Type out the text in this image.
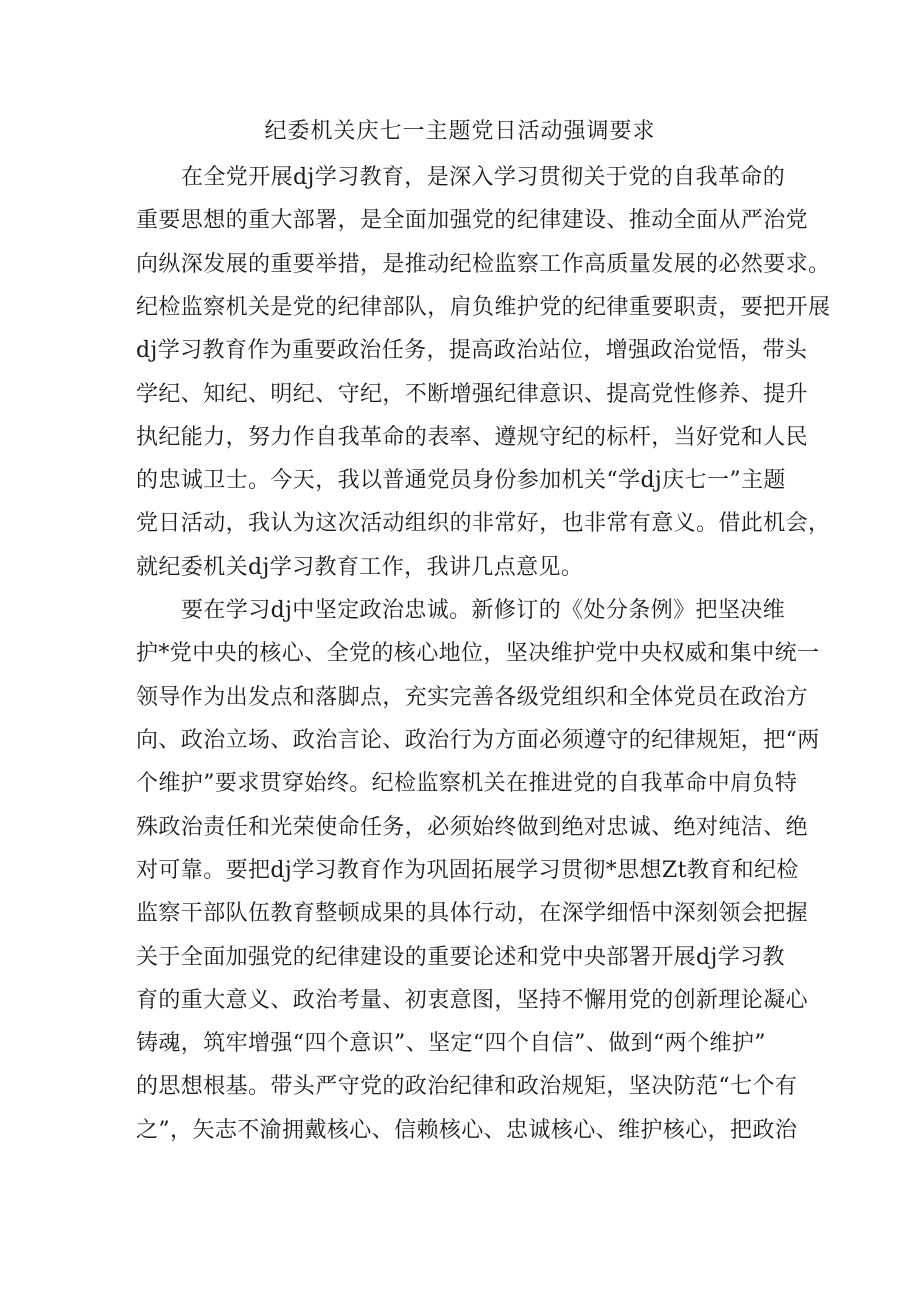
纪委机关庆七一主题党日活动强调要求
在全党开展dj学习教育，是深入学习贯彻关于党的自我革命的
重要思想的重大部署，是全面加强党的纪律建设、推动全面从严治党
向纵深发展的重要举措，是推动纪检监察工作高质量发展的必然要求。
纪检监察机关是党的纪律部队，肩负维护党的纪律重要职责，要把开展
dj学习教育作为重要政治任务，提高政治站位，增强政治觉悟，带头
学纪、知纪、明纪、守纪，不断增强纪律意识、提高党性修养、提升
执纪能力，努力作自我革命的表率、遵规守纪的标杆，当好党和人民
的忠诚卫士。今天，我以普通党员身份参加机关“学dj庆七一”主题
党日活动，我认为这次活动组织的非常好，也非常有意义。借此机会，
就纪委机关dj学习教育工作，我讲几点意见。
要在学习dj中坚定政治忠诚。新修订的《处分条例》把坚决维
护*党中央的核心、全党的核心地位，坚决维护党中央权威和集中统一
领导作为出发点和落脚点，充实完善各级党组织和全体党员在政治方
向、政治立场、政治言论、政治行为方面必须遵守的纪律规矩，把“两
个维护”要求贯穿始终。纪检监察机关在推进党的自我革命中肩负特
殊政治责任和光荣使命任务，必须始终做到绝对忠诚、绝对纯洁、绝
对可靠。要把dj学习教育作为巩固拓展学习贯彻*思想Zt教育和纪检
监察干部队伍教育整顿成果的具体行动，在深学细悟中深刻领会把握
关于全面加强党的纪律建设的重要论述和党中央部署开展dj学习教
育的重大意义、政治考量、初衷意图，坚持不懈用党的创新理论凝心
铸魂，筑牢增强“四个意识”、坚定“四个自信”、做到“两个维护”
的思想根基。带头严守党的政治纪律和政治规矩，坚决防范“七个有
之”，矢志不渝拥戴核心、信赖核心、忠诚核心、维护核心，把政治
